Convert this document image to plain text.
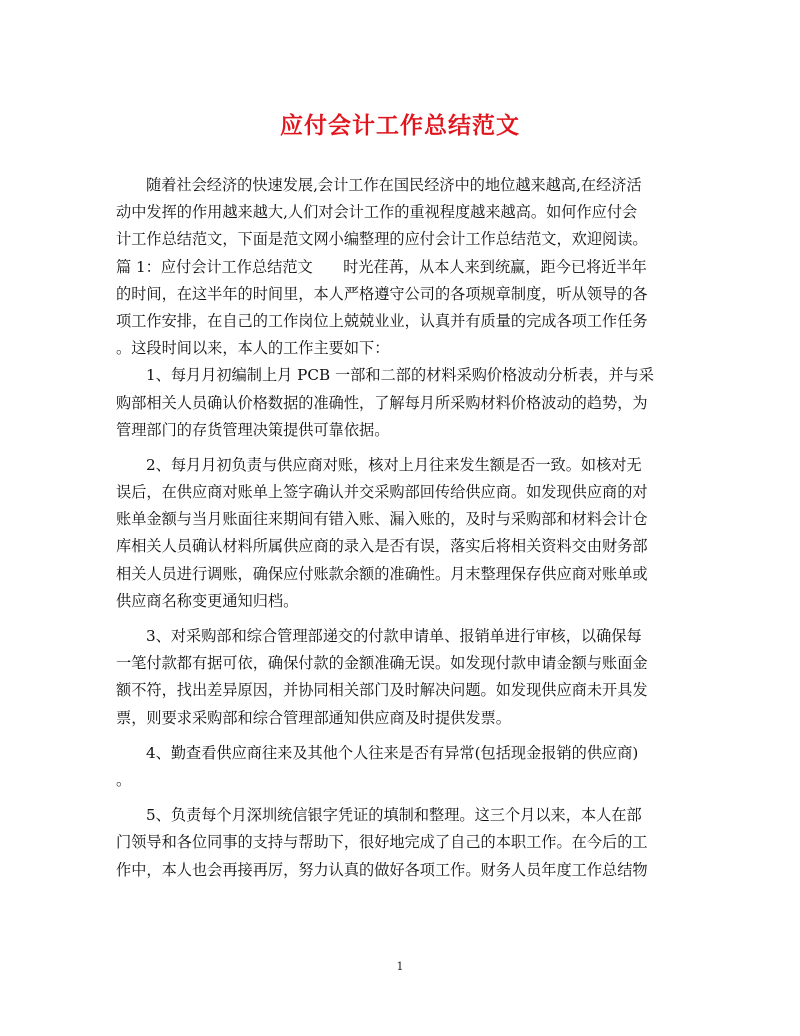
应付会计工作总结范文
随着社会经济的快速发展,会计工作在国民经济中的地位越来越高,在经济活
动中发挥的作用越来越大,人们对会计工作的重视程度越来越高。如何作应付会
计工作总结范文，下面是范文网小编整理的应付会计工作总结范文，欢迎阅读。
篇 1：应付会计工作总结范文　　时光荏苒，从本人来到统赢，距今已将近半年
的时间，在这半年的时间里，本人严格遵守公司的各项规章制度，听从领导的各
项工作安排，在自己的工作岗位上兢兢业业，认真并有质量的完成各项工作任务
。这段时间以来，本人的工作主要如下：
1、每月月初编制上月 PCB 一部和二部的材料采购价格波动分析表，并与采
购部相关人员确认价格数据的准确性，了解每月所采购材料价格波动的趋势，为
管理部门的存货管理决策提供可靠依据。
2、每月月初负责与供应商对账，核对上月往来发生额是否一致。如核对无
误后，在供应商对账单上签字确认并交采购部回传给供应商。如发现供应商的对
账单金额与当月账面往来期间有错入账、漏入账的，及时与采购部和材料会计仓
库相关人员确认材料所属供应商的录入是否有误，落实后将相关资料交由财务部
相关人员进行调账，确保应付账款余额的准确性。月末整理保存供应商对账单或
供应商名称变更通知归档。
3、对采购部和综合管理部递交的付款申请单、报销单进行审核，以确保每
一笔付款都有据可依，确保付款的金额准确无误。如发现付款申请金额与账面金
额不符，找出差异原因，并协同相关部门及时解决问题。如发现供应商未开具发
票，则要求采购部和综合管理部通知供应商及时提供发票。
4、勤查看供应商往来及其他个人往来是否有异常(包括现金报销的供应商)
。
5、负责每个月深圳统信银字凭证的填制和整理。这三个月以来，本人在部
门领导和各位同事的支持与帮助下，很好地完成了自己的本职工作。在今后的工
作中，本人也会再接再厉，努力认真的做好各项工作。财务人员年度工作总结物
1
